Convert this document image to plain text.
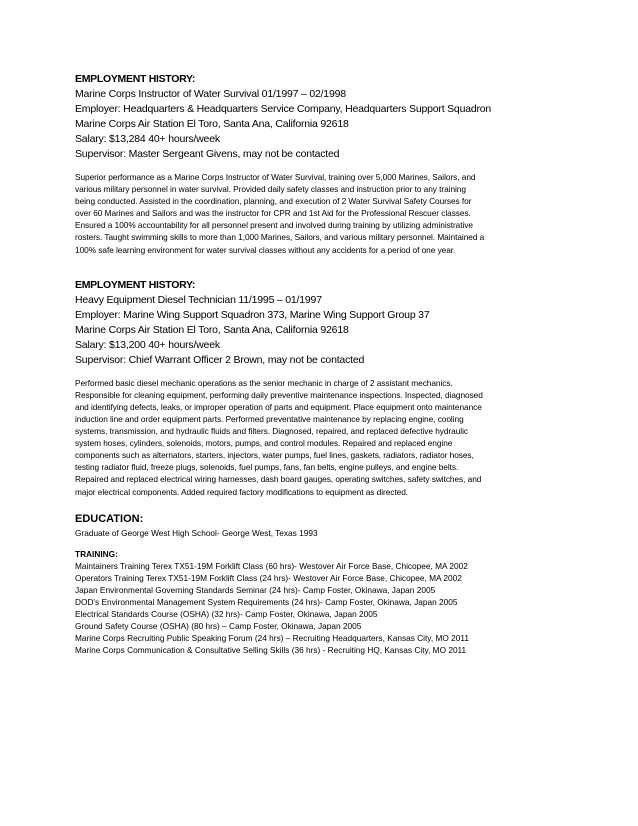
EMPLOYMENT HISTORY:
Marine Corps Instructor of Water Survival 01/1997 – 02/1998
Employer: Headquarters & Headquarters Service Company, Headquarters Support Squadron
Marine Corps Air Station El Toro, Santa Ana, California 92618
Salary: $13,284 40+ hours/week
Supervisor: Master Sergeant Givens, may not be contacted
Superior performance as a Marine Corps Instructor of Water Survival, training over 5,000 Marines, Sailors, and
various military personnel in water survival. Provided daily safety classes and instruction prior to any training
being conducted. Assisted in the coordination, planning, and execution of 2 Water Survival Safety Courses for
over 60 Marines and Sailors and was the instructor for CPR and 1st Aid for the Professional Rescuer classes.
Ensured a 100% accountability for all personnel present and involved during training by utilizing administrative
rosters. Taught swimming skills to more than 1,000 Marines, Sailors, and various military personnel. Maintained a
100% safe learning environment for water survival classes without any accidents for a period of one year.
EMPLOYMENT HISTORY:
Heavy Equipment Diesel Technician 11/1995 – 01/1997
Employer: Marine Wing Support Squadron 373, Marine Wing Support Group 37
Marine Corps Air Station El Toro, Santa Ana, California 92618
Salary: $13,200 40+ hours/week
Supervisor: Chief Warrant Officer 2 Brown, may not be contacted
Performed basic diesel mechanic operations as the senior mechanic in charge of 2 assistant mechanics.
Responsible for cleaning equipment, performing daily preventive maintenance inspections. Inspected, diagnosed
and identifying defects, leaks, or improper operation of parts and equipment. Place equipment onto maintenance
induction line and order equipment parts. Performed preventative maintenance by replacing engine, cooling
systems, transmission, and hydraulic fluids and filters. Diagnosed, repaired, and replaced defective hydraulic
system hoses, cylinders, solenoids, motors, pumps, and control modules. Repaired and replaced engine
components such as alternators, starters, injectors, water pumps, fuel lines, gaskets, radiators, radiator hoses,
testing radiator fluid, freeze plugs, solenoids, fuel pumps, fans, fan belts, engine pulleys, and engine belts.
Repaired and replaced electrical wiring harnesses, dash board gauges, operating switches, safety switches, and
major electrical components. Added required factory modifications to equipment as directed.
EDUCATION:
Graduate of George West High School- George West, Texas 1993
TRAINING:
Maintainers Training Terex TX51-19M Forklift Class (60 hrs)- Westover Air Force Base, Chicopee, MA 2002
Operators Training Terex TX51-19M Forklift Class (24 hrs)- Westover Air Force Base, Chicopee, MA 2002
Japan Environmental Governing Standards Seminar (24 hrs)- Camp Foster, Okinawa, Japan 2005
DOD's Environmental Management System Requirements (24 hrs)- Camp Foster, Okinawa, Japan 2005
Electrical Standards Course (OSHA) (32 hrs)- Camp Foster, Okinawa, Japan 2005
Ground Safety Course (OSHA) (80 hrs) – Camp Foster, Okinawa, Japan 2005
Marine Corps Recruiting Public Speaking Forum (24 hrs) – Recruiting Headquarters, Kansas City, MO 2011
Marine Corps Communication & Consultative Selling Skills (36 hrs) - Recruiting HQ, Kansas City, MO 2011
